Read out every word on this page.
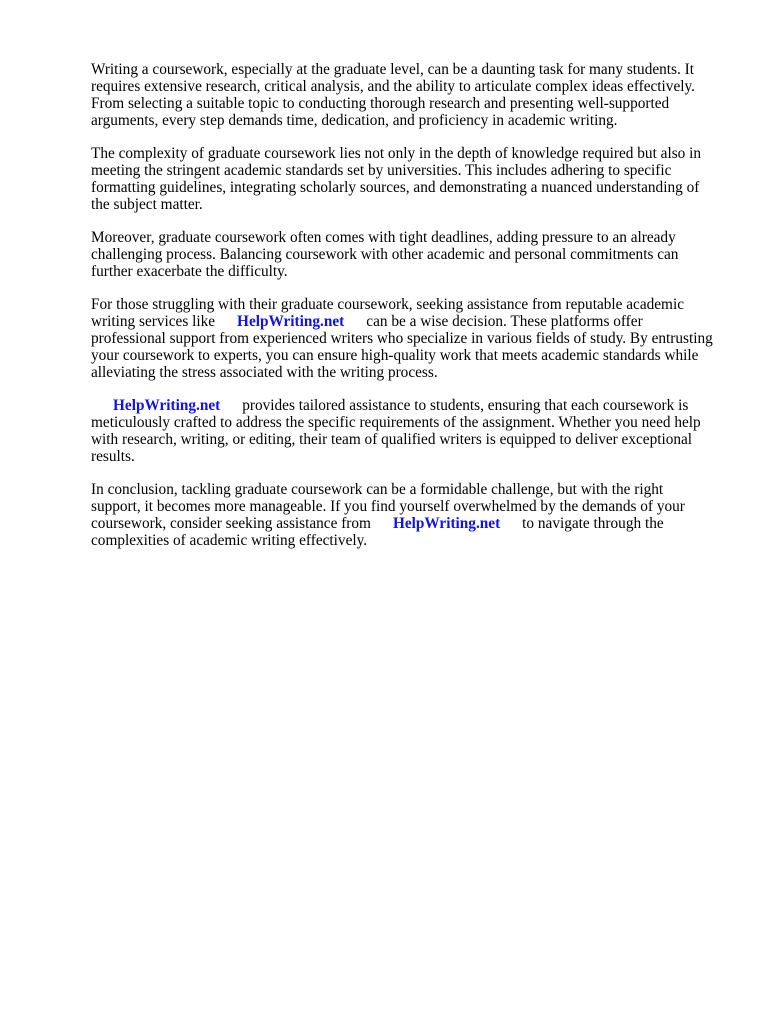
Writing a coursework, especially at the graduate level, can be a daunting task for many students. It
requires extensive research, critical analysis, and the ability to articulate complex ideas effectively.
From selecting a suitable topic to conducting thorough research and presenting well-supported
arguments, every step demands time, dedication, and proficiency in academic writing.

The complexity of graduate coursework lies not only in the depth of knowledge required but also in
meeting the stringent academic standards set by universities. This includes adhering to specific
formatting guidelines, integrating scholarly sources, and demonstrating a nuanced understanding of
the subject matter.

Moreover, graduate coursework often comes with tight deadlines, adding pressure to an already
challenging process. Balancing coursework with other academic and personal commitments can
further exacerbate the difficulty.

For those struggling with their graduate coursework, seeking assistance from reputable academic
writing services like HelpWriting.net can be a wise decision. These platforms offer
professional support from experienced writers who specialize in various fields of study. By entrusting
your coursework to experts, you can ensure high-quality work that meets academic standards while
alleviating the stress associated with the writing process.

HelpWriting.net provides tailored assistance to students, ensuring that each coursework is
meticulously crafted to address the specific requirements of the assignment. Whether you need help
with research, writing, or editing, their team of qualified writers is equipped to deliver exceptional
results.

In conclusion, tackling graduate coursework can be a formidable challenge, but with the right
support, it becomes more manageable. If you find yourself overwhelmed by the demands of your
coursework, consider seeking assistance from HelpWriting.net to navigate through the
complexities of academic writing effectively.
